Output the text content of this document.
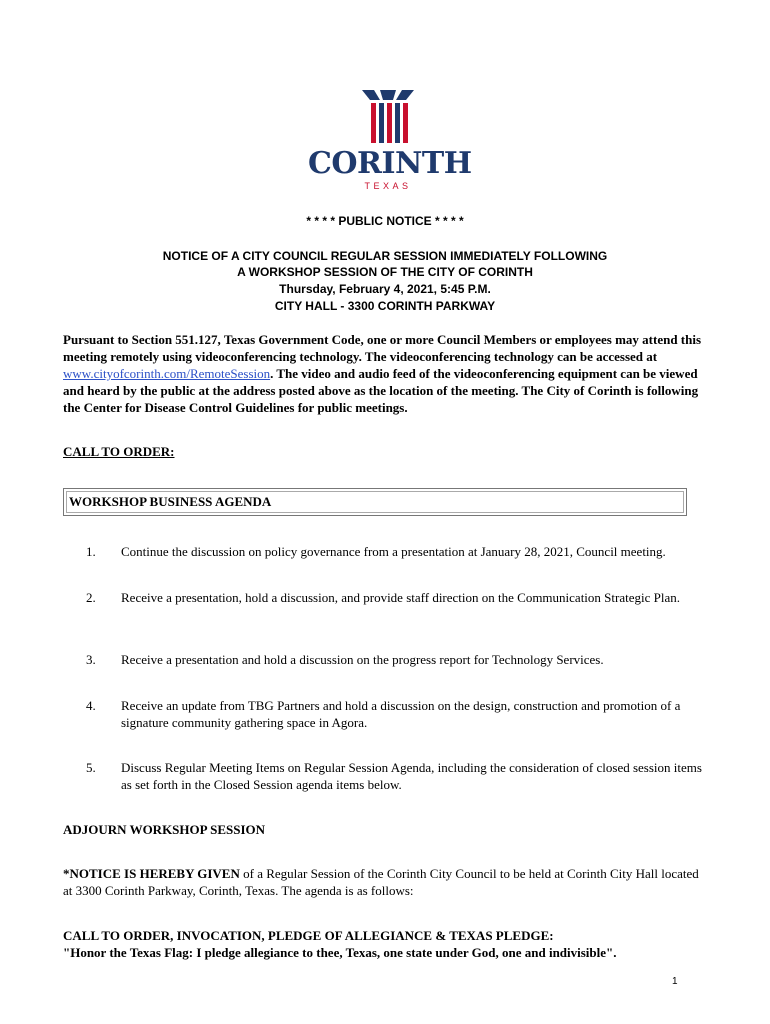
CORINTH
TEXAS
* * * * PUBLIC NOTICE * * * *
NOTICE OF A CITY COUNCIL REGULAR SESSION IMMEDIATELY FOLLOWING
A WORKSHOP SESSION OF THE CITY OF CORINTH
Thursday, February 4, 2021, 5:45 P.M.
CITY HALL - 3300 CORINTH PARKWAY
Pursuant to Section 551.127, Texas Government Code, one or more Council Members or employees may attend this meeting remotely using videoconferencing technology. The videoconferencing technology can be accessed at www.cityofcorinth.com/RemoteSession. The video and audio feed of the videoconferencing equipment can be viewed and heard by the public at the address posted above as the location of the meeting. The City of Corinth is following the Center for Disease Control Guidelines for public meetings.
CALL TO ORDER:
WORKSHOP BUSINESS AGENDA
1.	Continue the discussion on policy governance from a presentation at January 28, 2021, Council meeting.
2.	Receive a presentation, hold a discussion, and provide staff direction on the Communication Strategic Plan.
3.	Receive a presentation and hold a discussion on the progress report for Technology Services.
4.	Receive an update from TBG Partners and hold a discussion on the design, construction and promotion of a signature community gathering space in Agora.
5.	Discuss Regular Meeting Items on Regular Session Agenda, including the consideration of closed session items as set forth in the Closed Session agenda items below.
ADJOURN WORKSHOP SESSION
*NOTICE IS HEREBY GIVEN of a Regular Session of the Corinth City Council to be held at Corinth City Hall located at 3300 Corinth Parkway, Corinth, Texas. The agenda is as follows:
CALL TO ORDER, INVOCATION, PLEDGE OF ALLEGIANCE & TEXAS PLEDGE:
"Honor the Texas Flag: I pledge allegiance to thee, Texas, one state under God, one and indivisible".
1
